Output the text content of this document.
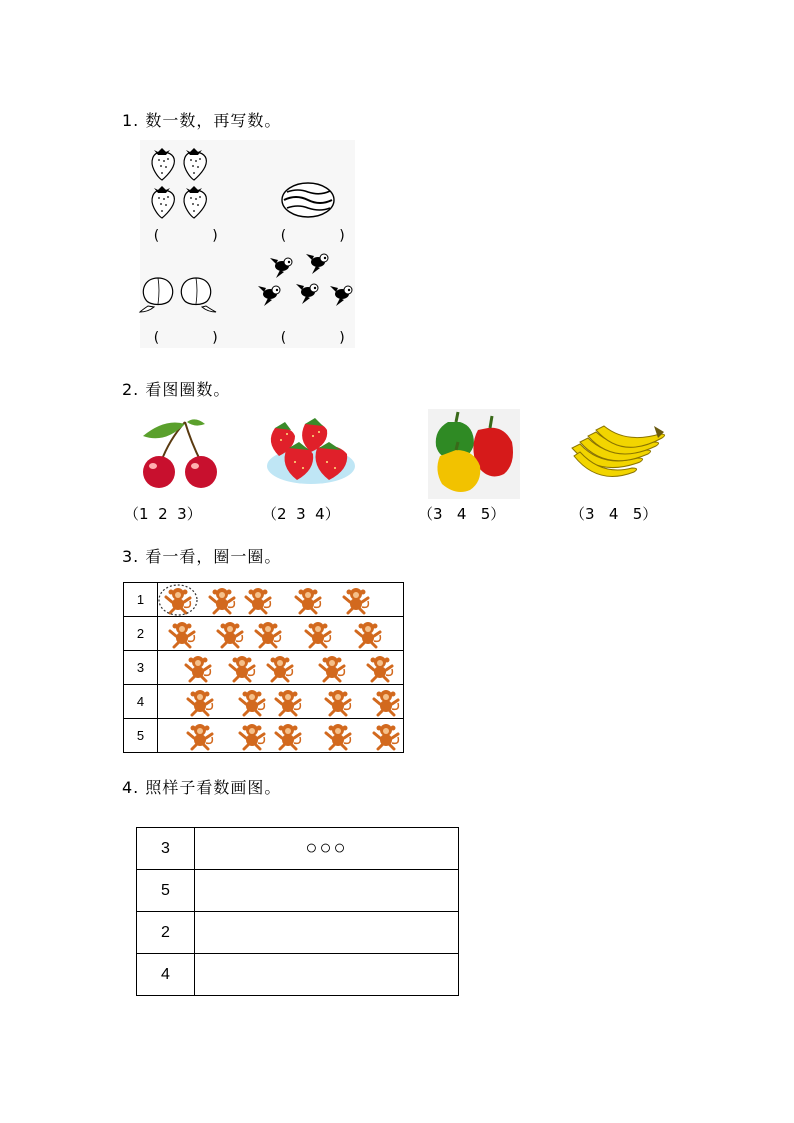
1. 数一数，再写数。
(      )	(      )
(      )	(      )
2. 看图圈数。
（1  2  3）	（2  3  4）	（3   4   5）	（3   4   5）
3. 看一看，圈一圈。
1	

2	

3	

4	

5	
4. 照样子看数画图。
3	○○○
5	
2	
4	
